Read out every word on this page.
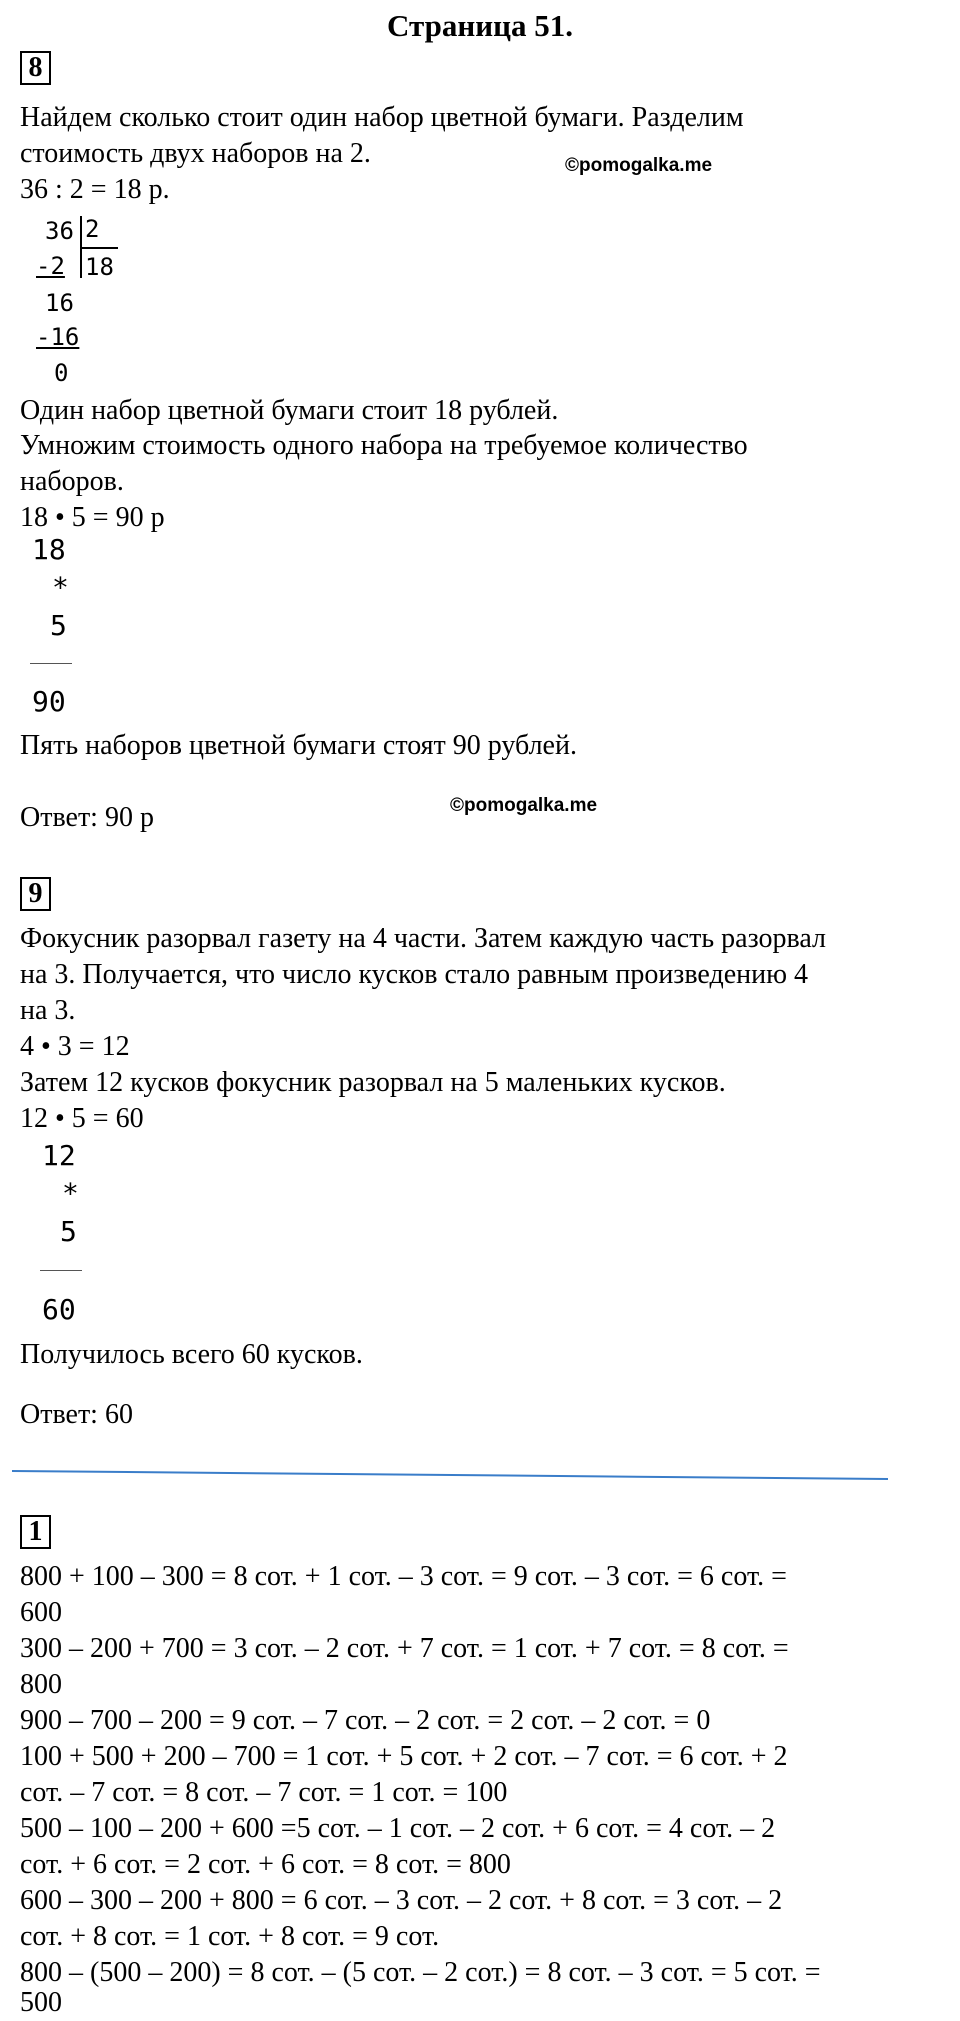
Страница 51.
8
Найдем сколько стоит один набор цветной бумаги. Разделим
стоимость двух наборов на 2.	©pomogalka.me
36 : 2 = 18 р.
36 2
-2 18
16
-16
0
Один набор цветной бумаги стоит 18 рублей.
Умножим стоимость одного набора на требуемое количество
наборов.
18 • 5 = 90 р
18
*
5
90
Пять наборов цветной бумаги стоят 90 рублей.
©pomogalka.me
Ответ: 90 р
9
Фокусник разорвал газету на 4 части. Затем каждую часть разорвал
на 3. Получается, что число кусков стало равным произведению 4
на 3.
4 • 3 = 12
Затем 12 кусков фокусник разорвал на 5 маленьких кусков.
12 • 5 = 60
12
*
5
60
Получилось всего 60 кусков.
Ответ: 60
1
800 + 100 – 300 = 8 сот. + 1 сот. – 3 сот. = 9 сот. – 3 сот. = 6 сот. =
600
300 – 200 + 700 = 3 сот. – 2 сот. + 7 сот. = 1 сот. + 7 сот. = 8 сот. =
800
900 – 700 – 200 = 9 сот. – 7 сот. – 2 сот. = 2 сот. – 2 сот. = 0
100 + 500 + 200 – 700 = 1 сот. + 5 сот. + 2 сот. – 7 сот. = 6 сот. + 2
сот. – 7 сот. = 8 сот. – 7 сот. = 1 сот. = 100
500 – 100 – 200 + 600 =5 сот. – 1 сот. – 2 сот. + 6 сот. = 4 сот. – 2
сот. + 6 сот. = 2 сот. + 6 сот. = 8 сот. = 800
600 – 300 – 200 + 800 = 6 сот. – 3 сот. – 2 сот. + 8 сот. = 3 сот. – 2
сот. + 8 сот. = 1 сот. + 8 сот. = 9 сот.
800 – (500 – 200) = 8 сот. – (5 сот. – 2 сот.) = 8 сот. – 3 сот. = 5 сот. =
500
